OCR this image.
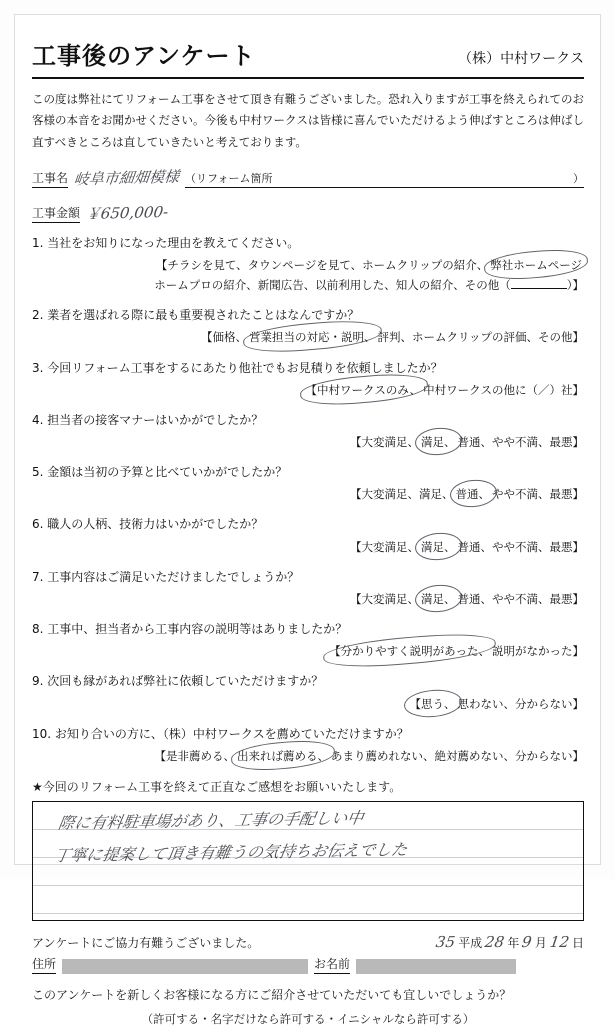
工事後のアンケート	（株）中村ワークス
この度は弊社にてリフォーム工事をさせて頂き有難うございました。恐れ入りますが工事を終えられてのお客様の本音をお聞かせください。今後も中村ワークスは皆様に喜んでいただけるよう伸ばすところは伸ばし直すべきところは直していきたいと考えております。
工事名 岐阜市細畑模様 （リフォーム箇所	）
工事金額 ￥650,000-
1. 当社をお知りになった理由を教えてください。
【チラシを見て、タウンページを見て、ホームクリップの紹介、 弊社ホームページ
ホームプロの紹介、新聞広告、以前利用した、知人の紹介、その他（	）】
2. 業者を選ばれる際に最も重要視されたことはなんですか？
【価格、 営業担当の対応・説明、 評判、ホームクリップの評価、その他】
3. 今回リフォーム工事をするにあたり他社でもお見積りを依頼しましたか？
【中村ワークスのみ、 中村ワークスの他に（／）社】
4. 担当者の接客マナーはいかがでしたか？
【大変満足、 満足、 普通、やや不満、最悪】
5. 金額は当初の予算と比べていかがでしたか？
【大変満足、満足、 普通、 やや不満、最悪】
6. 職人の人柄、技術力はいかがでしたか？
【大変満足、 満足、 普通、やや不満、最悪】
7. 工事内容はご満足いただけましたでしょうか？
【大変満足、 満足、 普通、やや不満、最悪】
8. 工事中、担当者から工事内容の説明等はありましたか？
【分かりやすく説明があった、 説明がなかった】
9. 次回も縁があれば弊社に依頼していただけますか？
【思う、 思わない、分からない】
10. お知り合いの方に、（株）中村ワークスを薦めていただけますか？
【是非薦める、 出来れば薦める、 あまり薦めれない、絶対薦めない、分からない】
★今回のリフォーム工事を終えて正直なご感想をお願いいたします。
際に有料駐車場があり、工事の手配しい中
丁寧に提案して頂き有難うの気持ちお伝えでした
アンケートにご協力有難うございました。	35 平成 28 年 9 月 12 日
住所	お名前
このアンケートを新しくお客様になる方にご紹介させていただいても宜しいでしょうか？
（許可する・名字だけなら許可する・イニシャルなら許可する）
